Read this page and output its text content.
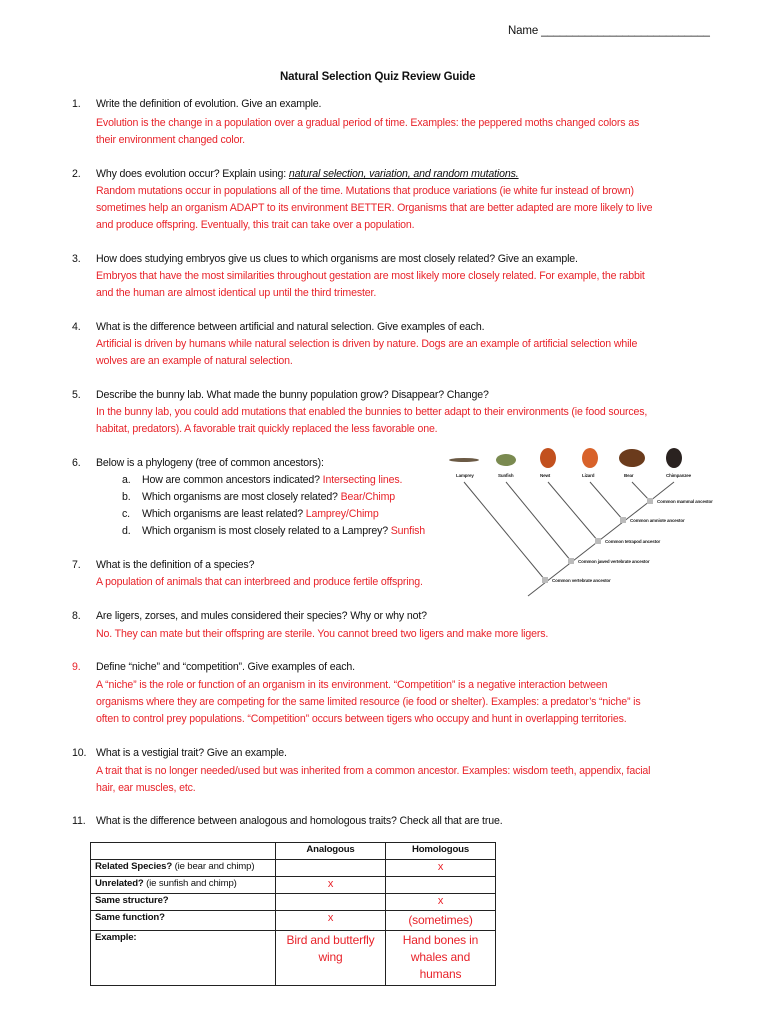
Name ___________________________
Natural Selection Quiz Review Guide
1. Write the definition of evolution. Give an example.
Evolution is the change in a population over a gradual period of time. Examples: the peppered moths changed colors as
their environment changed color.
2. Why does evolution occur? Explain using: natural selection, variation, and random mutations.
Random mutations occur in populations all of the time. Mutations that produce variations (ie white fur instead of brown)
sometimes help an organism ADAPT to its environment BETTER. Organisms that are better adapted are more likely to live
and produce offspring. Eventually, this trait can take over a population.
3. How does studying embryos give us clues to which organisms are most closely related? Give an example.
Embryos that have the most similarities throughout gestation are most likely more closely related. For example, the rabbit
and the human are almost identical up until the third trimester.
4. What is the difference between artificial and natural selection. Give examples of each.
Artificial is driven by humans while natural selection is driven by nature. Dogs are an example of artificial selection while
wolves are an example of natural selection.
5. Describe the bunny lab. What made the bunny population grow? Disappear? Change?
In the bunny lab, you could add mutations that enabled the bunnies to better adapt to their environments (ie food sources,
habitat, predators). A favorable trait quickly replaced the less favorable one.
6. Below is a phylogeny (tree of common ancestors):
a. How are common ancestors indicated? Intersecting lines.
b. Which organisms are most closely related? Bear/Chimp
c. Which organisms are least related? Lamprey/Chimp
d. Which organism is most closely related to a Lamprey? Sunfish
7. What is the definition of a species?
A population of animals that can interbreed and produce fertile offspring.
8. Are ligers, zorses, and mules considered their species? Why or why not?
No. They can mate but their offspring are sterile. You cannot breed two ligers and make more ligers.
9. Define “niche” and “competition”. Give examples of each.
A “niche” is the role or function of an organism in its environment. “Competition” is a negative interaction between
organisms where they are competing for the same limited resource (ie food or shelter). Examples: a predator’s “niche” is
often to control prey populations. “Competition” occurs between tigers who occupy and hunt in overlapping territories.
10. What is a vestigial trait? Give an example.
A trait that is no longer needed/used but was inherited from a common ancestor. Examples: wisdom teeth, appendix, facial
hair, ear muscles, etc.
11. What is the difference between analogous and homologous traits? Check all that are true.
Lamprey	Sunfish	Newt	Lizard	Bear	Chimpanzee
Common mammal ancestor
Common amniote ancestor
Common tetrapod ancestor
Common jawed vertebrate ancestor
Common vertebrate ancestor
	Analogous	Homologous
Related Species? (ie bear and chimp)		x
Unrelated? (ie sunfish and chimp)	x	
Same structure?		x
Same function?	x	(sometimes)
Example:	Bird and butterfly wing	Hand bones in whales and humans
